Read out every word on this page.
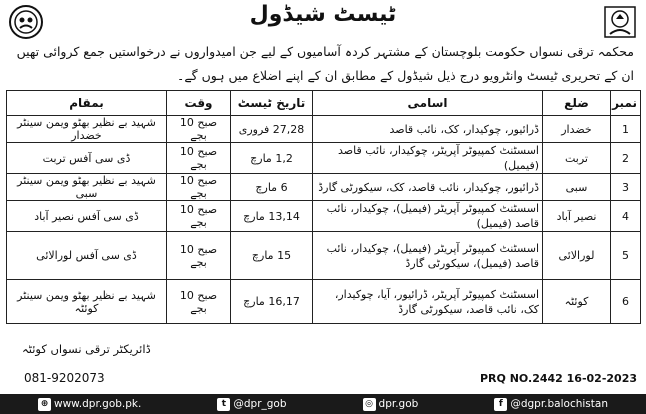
ٹیسٹ شیڈول
محکمہ ترقی نسواں حکومت بلوچستان کے مشتہر کردہ آسامیوں کے لیے جن امیدواروں نے درخواستیں جمع کروائی تھیں ان کے تحریری ٹیسٹ وانٹرویو درج ذیل شیڈول کے مطابق ان کے اپنے اضلاع میں ہوں گے۔
نمبر	ضلع	اسامی	تاریخ ٹیسٹ	وقت	بمقام
1	خضدار	ڈرائیور، چوکیدار، کک، نائب قاصد	27,28 فروری	صبح 10 بجے	شہید بے نظیر بھٹو ویمن سینٹر خضدار
2	تربت	اسسٹنٹ کمپیوٹر آپریٹر، چوکیدار، نائب قاصد (فیمیل)	1,2 مارچ	صبح 10 بجے	ڈی سی آفس تربت
3	سبی	ڈرائیور، چوکیدار، نائب قاصد، کک، سیکورٹی گارڈ	6 مارچ	صبح 10 بجے	شہید بے نظیر بھٹو ویمن سینٹر سبی
4	نصیر آباد	اسسٹنٹ کمپیوٹر آپریٹر (فیمیل)، چوکیدار، نائب قاصد (فیمیل)	13,14 مارچ	صبح 10 بجے	ڈی سی آفس نصیر آباد
5	لورالائی	اسسٹنٹ کمپیوٹر آپریٹر (فیمیل)، چوکیدار، نائب قاصد (فیمیل)، سیکورٹی گارڈ	15 مارچ	صبح 10 بجے	ڈی سی آفس لورالائی
6	کوئٹہ	اسسٹنٹ کمپیوٹر آپریٹر، ڈرائیور، آیا، چوکیدار، کک، نائب قاصد، سیکورٹی گارڈ	16,17 مارچ	صبح 10 بجے	شہید بے نظیر بھٹو ویمن سینٹر کوئٹہ
ڈائریکٹر ترقی نسواں کوئٹہ
081-9202073	PRQ NO.2442 16-02-2023
⊕ www.dpr.gob.pk.	t @dpr_gob	◎ dpr.gob	f @dgpr.balochistan
